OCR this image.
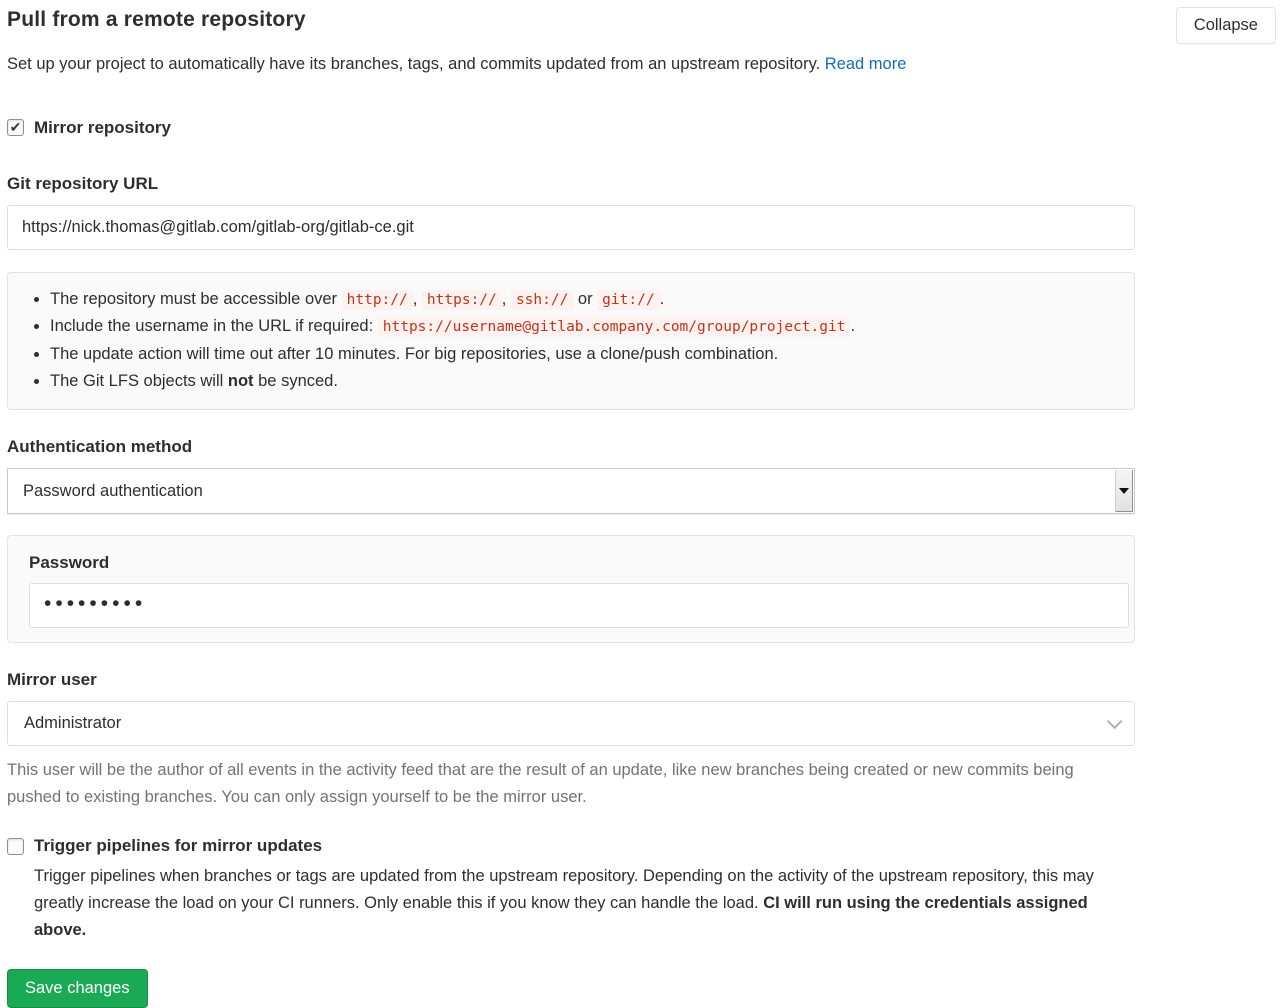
Pull from a remote repository	Collapse

Set up your project to automatically have its branches, tags, and commits updated from an upstream repository. Read more

✔
Mirror repository
Git repository URL
https://nick.thomas@gitlab.com/gitlab-org/gitlab-ce.git
• The repository must be accessible over http:// , https:// , ssh:// or git:// .
• Include the username in the URL if required: https://username@gitlab.company.com/group/project.git .
• The update action will time out after 10 minutes. For big repositories, use a clone/push combination.
• The Git LFS objects will not be synced.
Authentication method
Password authentication
Password
•••••••••
Mirror user
Administrator

This user will be the author of all events in the activity feed that are the result of an update, like new branches being created or new commits being pushed to existing branches. You can only assign yourself to be the mirror user.

Trigger pipelines for mirror updates

Trigger pipelines when branches or tags are updated from the upstream repository. Depending on the activity of the upstream repository, this may greatly increase the load on your CI runners. Only enable this if you know they can handle the load. CI will run using the credentials assigned above.

Save changes
